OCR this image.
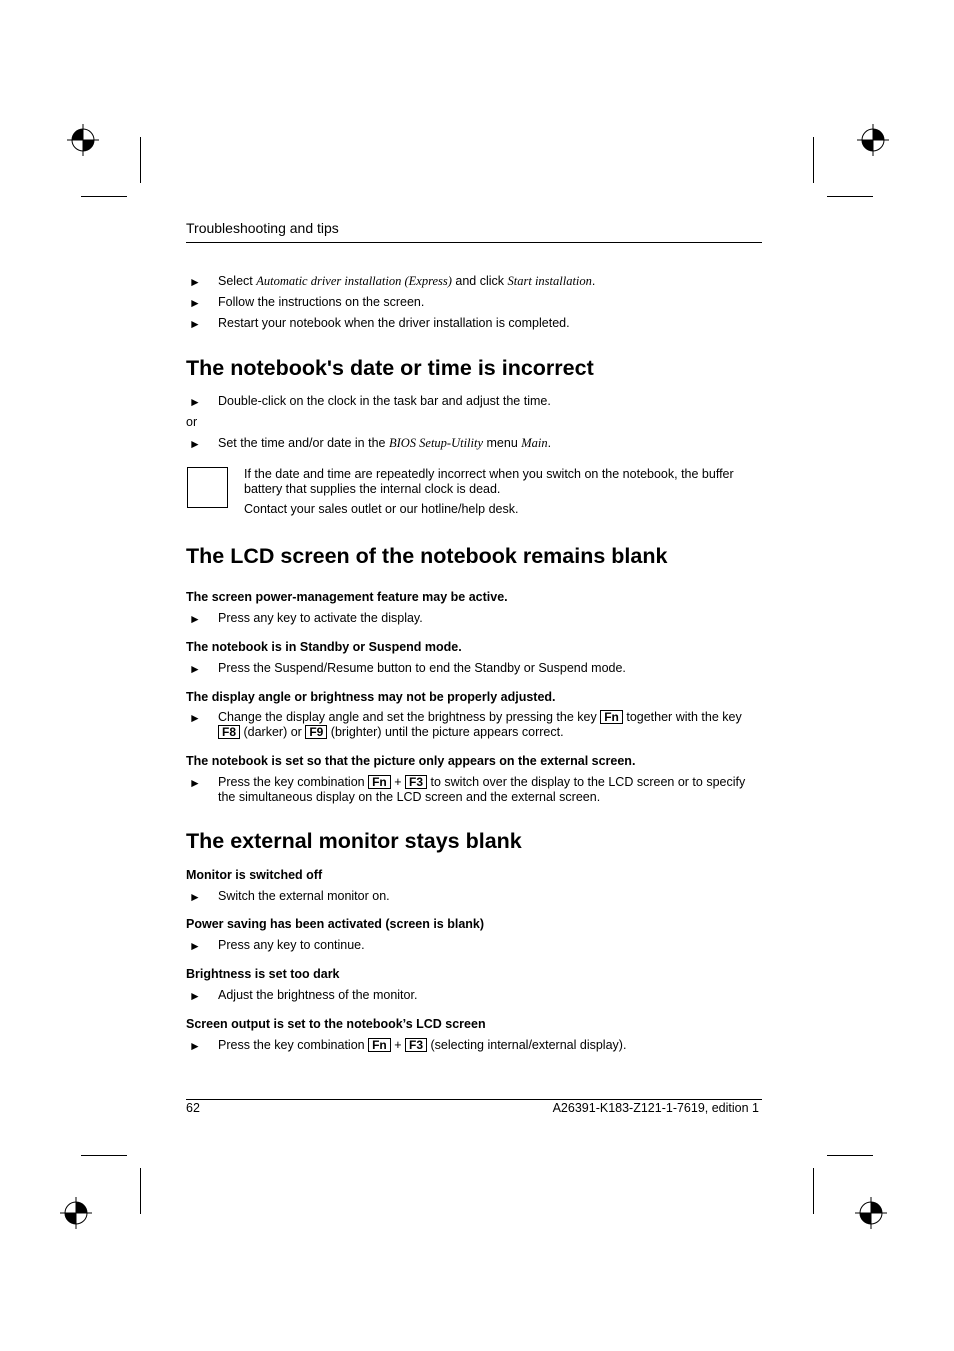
Troubleshooting and tips
► Select Automatic driver installation (Express) and click Start installation.
► Follow the instructions on the screen.
► Restart your notebook when the driver installation is completed.
The notebook's date or time is incorrect
► Double-click on the clock in the task bar and adjust the time.
or
► Set the time and/or date in the BIOS Setup-Utility menu Main.
If the date and time are repeatedly incorrect when you switch on the notebook, the buffer battery that supplies the internal clock is dead.
Contact your sales outlet or our hotline/help desk.
The LCD screen of the notebook remains blank
The screen power-management feature may be active.
► Press any key to activate the display.
The notebook is in Standby or Suspend mode.
► Press the Suspend/Resume button to end the Standby or Suspend mode.
The display angle or brightness may not be properly adjusted.
► Change the display angle and set the brightness by pressing the key Fn together with the key F8 (darker) or F9 (brighter) until the picture appears correct.
The notebook is set so that the picture only appears on the external screen.
► Press the key combination Fn + F3 to switch over the display to the LCD screen or to specify the simultaneous display on the LCD screen and the external screen.
The external monitor stays blank
Monitor is switched off
► Switch the external monitor on.
Power saving has been activated (screen is blank)
► Press any key to continue.
Brightness is set too dark
► Adjust the brightness of the monitor.
Screen output is set to the notebook’s LCD screen
► Press the key combination Fn + F3 (selecting internal/external display).
62	A26391-K183-Z121-1-7619, edition 1
